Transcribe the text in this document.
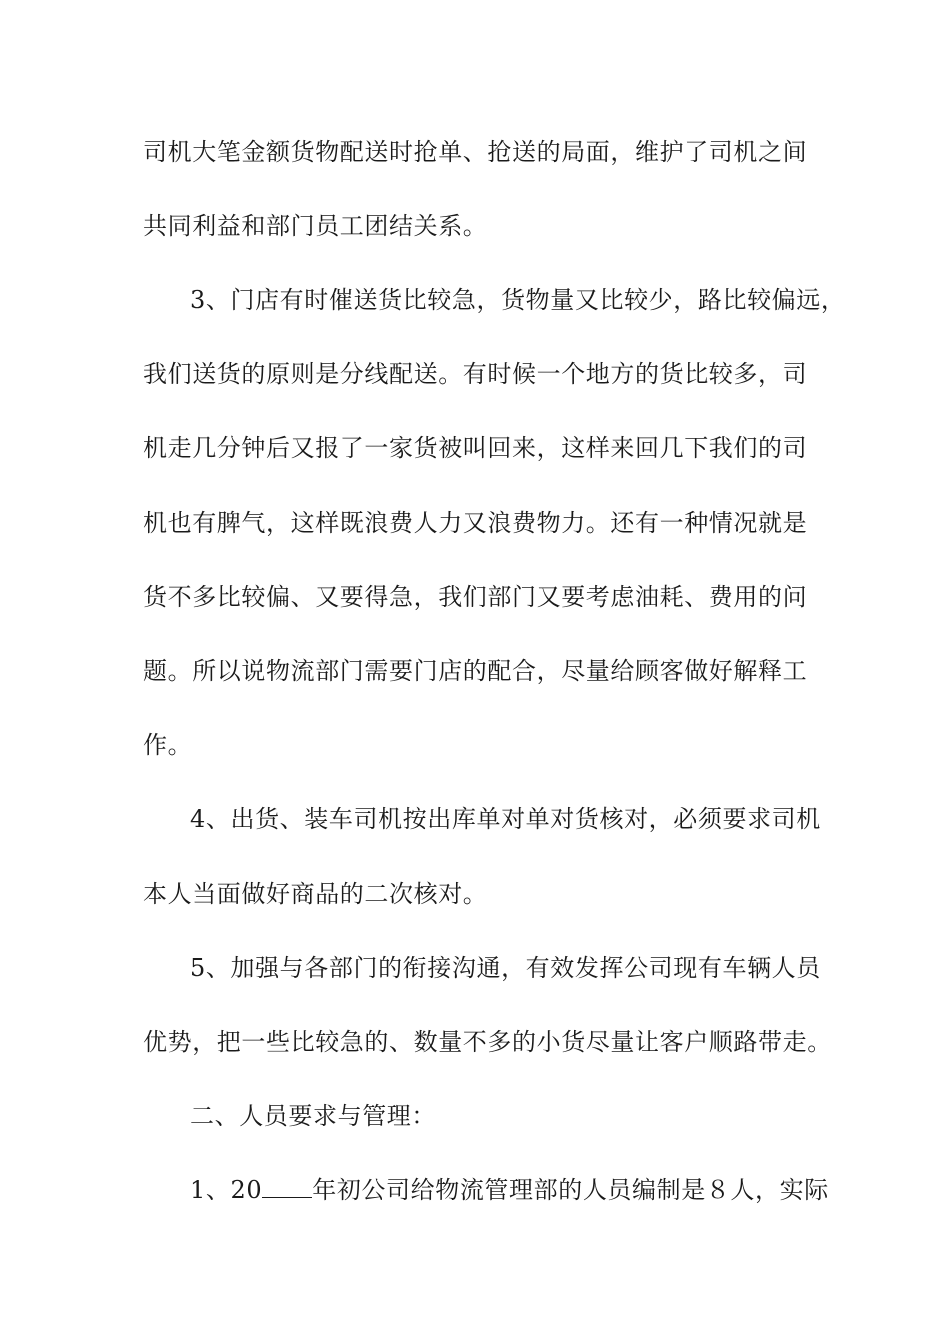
司机大笔金额货物配送时抢单、抢送的局面，维护了司机之间
共同利益和部门员工团结关系。
3、门店有时催送货比较急，货物量又比较少，路比较偏远，
我们送货的原则是分线配送。有时候一个地方的货比较多，司
机走几分钟后又报了一家货被叫回来，这样来回几下我们的司
机也有脾气，这样既浪费人力又浪费物力。还有一种情况就是
货不多比较偏、又要得急，我们部门又要考虑油耗、费用的问
题。所以说物流部门需要门店的配合，尽量给顾客做好解释工
作。
4、出货、装车司机按出库单对单对货核对，必须要求司机
本人当面做好商品的二次核对。
5、加强与各部门的衔接沟通，有效发挥公司现有车辆人员
优势，把一些比较急的、数量不多的小货尽量让客户顺路带走。
二、人员要求与管理：
1、20 年初公司给物流管理部的人员编制是８人，实际
